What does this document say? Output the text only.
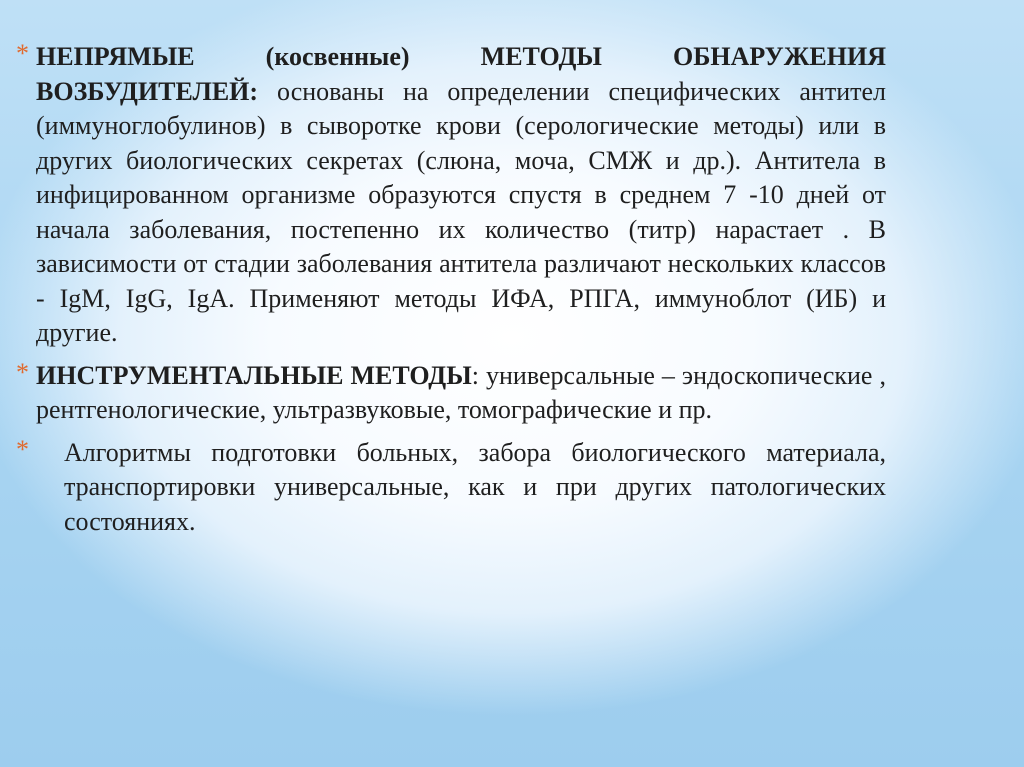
* НЕПРЯМЫЕ (косвенные) МЕТОДЫ ОБНАРУЖЕНИЯ ВОЗБУДИТЕЛЕЙ: основаны на определении специфических антител (иммуноглобулинов) в сыворотке крови (серологические методы) или в других биологических секретах (слюна, моча, СМЖ и др.). Антитела в инфицированном организме образуются спустя в среднем 7 -10 дней от начала заболевания, постепенно их количество (титр) нарастает . В зависимости от стадии заболевания антитела различают нескольких классов - IgM, IgG, IgA. Применяют методы ИФА, РПГА, иммуноблот (ИБ) и другие.
* ИНСТРУМЕНТАЛЬНЫЕ МЕТОДЫ: универсальные – эндоскопические , рентгенологические, ультразвуковые, томографические и пр.
*	Алгоритмы подготовки больных, забора биологического материала, транспортировки универсальные, как и при других патологических состояниях.
